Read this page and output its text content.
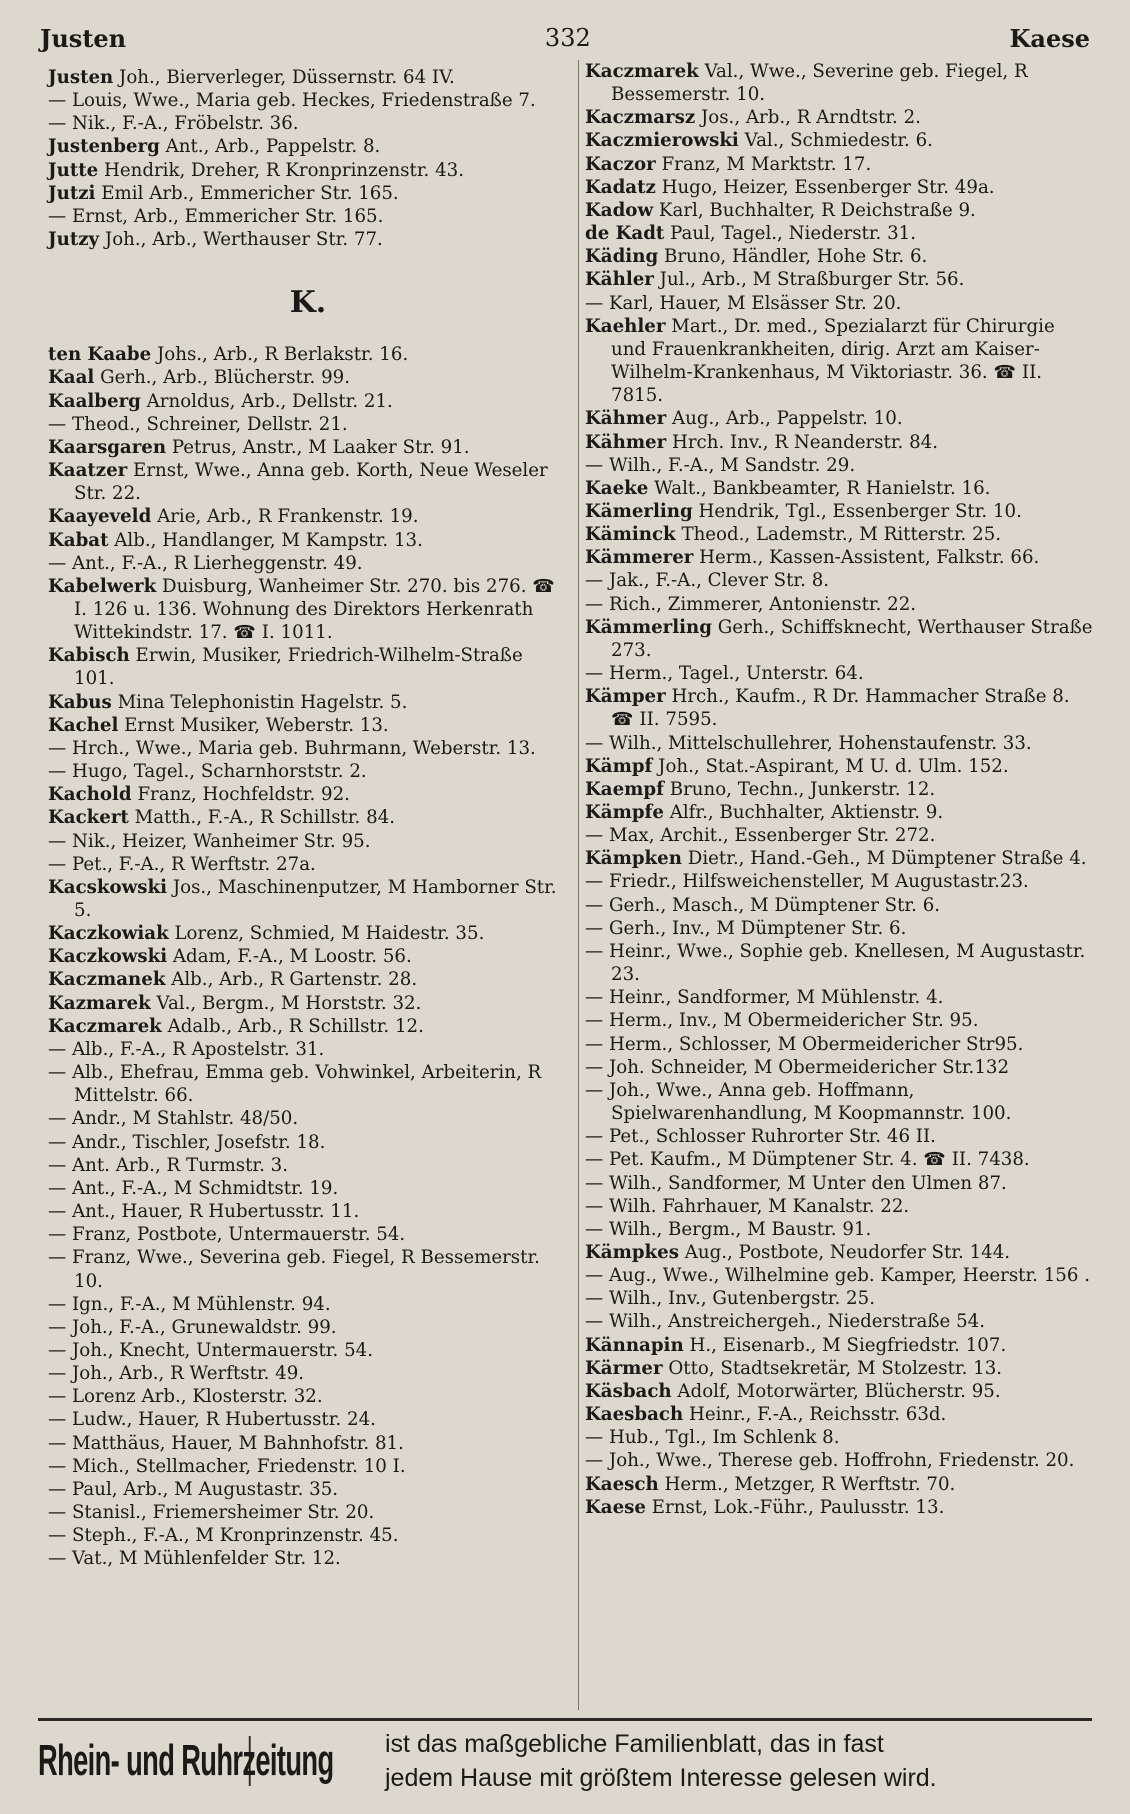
Justen	332	Kaese

Justen Joh., Bierverleger, Düssernstr. 64 IV.

— Louis, Wwe., Maria geb. Heckes, Friedenstraße 7.

— Nik., F.-A., Fröbelstr. 36.

Justenberg Ant., Arb., Pappelstr. 8.

Jutte Hendrik, Dreher, R Kronprinzenstr. 43.

Jutzi Emil Arb., Emmericher Str. 165.

— Ernst, Arb., Emmericher Str. 165.

Jutzy Joh., Arb., Werthauser Str. 77.

K.

ten Kaabe Johs., Arb., R Berlakstr. 16.

Kaal Gerh., Arb., Blücherstr. 99.

Kaalberg Arnoldus, Arb., Dellstr. 21.

— Theod., Schreiner, Dellstr. 21.

Kaarsgaren Petrus, Anstr., M Laaker Str. 91.

Kaatzer Ernst, Wwe., Anna geb. Korth, Neue Weseler Str. 22.

Kaayeveld Arie, Arb., R Frankenstr. 19.

Kabat Alb., Handlanger, M Kampstr. 13.

— Ant., F.-A., R Lierheggenstr. 49.

Kabelwerk Duisburg, Wanheimer Str. 270. bis 276. ☎ I. 126 u. 136. Wohnung des Direktors Herkenrath Wittekindstr. 17. ☎ I. 1011.

Kabisch Erwin, Musiker, Friedrich-Wilhelm-Straße 101.

Kabus Mina Telephonistin Hagelstr. 5.

Kachel Ernst Musiker, Weberstr. 13.

— Hrch., Wwe., Maria geb. Buhrmann, Weberstr. 13.

— Hugo, Tagel., Scharnhorststr. 2.

Kachold Franz, Hochfeldstr. 92.

Kackert Matth., F.-A., R Schillstr. 84.

— Nik., Heizer, Wanheimer Str. 95.

— Pet., F.-A., R Werftstr. 27a.

Kacskowski Jos., Maschinenputzer, M Hamborner Str. 5.

Kaczkowiak Lorenz, Schmied, M Haidestr. 35.

Kaczkowski Adam, F.-A., M Loostr. 56.

Kaczmanek Alb., Arb., R Gartenstr. 28.

Kazmarek Val., Bergm., M Horststr. 32.

Kaczmarek Adalb., Arb., R Schillstr. 12.

— Alb., F.-A., R Apostelstr. 31.

— Alb., Ehefrau, Emma geb. Vohwinkel, Arbeiterin, R Mittelstr. 66.

— Andr., M Stahlstr. 48/50.

— Andr., Tischler, Josefstr. 18.

— Ant. Arb., R Turmstr. 3.

— Ant., F.-A., M Schmidtstr. 19.

— Ant., Hauer, R Hubertusstr. 11.

— Franz, Postbote, Untermauerstr. 54.

— Franz, Wwe., Severina geb. Fiegel, R Bessemerstr. 10.

— Ign., F.-A., M Mühlenstr. 94.

— Joh., F.-A., Grunewaldstr. 99.

— Joh., Knecht, Untermauerstr. 54.

— Joh., Arb., R Werftstr. 49.

— Lorenz Arb., Klosterstr. 32.

— Ludw., Hauer, R Hubertusstr. 24.

— Matthäus, Hauer, M Bahnhofstr. 81.

— Mich., Stellmacher, Friedenstr. 10 I.

— Paul, Arb., M Augustastr. 35.

— Stanisl., Friemersheimer Str. 20.

— Steph., F.-A., M Kronprinzenstr. 45.

— Vat., M Mühlenfelder Str. 12.

Kaczmarek Val., Wwe., Severine geb. Fiegel, R Bessemerstr. 10.

Kaczmarsz Jos., Arb., R Arndtstr. 2.

Kaczmierowski Val., Schmiedestr. 6.

Kaczor Franz, M Marktstr. 17.

Kadatz Hugo, Heizer, Essenberger Str. 49a.

Kadow Karl, Buchhalter, R Deichstraße 9.

de Kadt Paul, Tagel., Niederstr. 31.

Käding Bruno, Händler, Hohe Str. 6.

Kähler Jul., Arb., M Straßburger Str. 56.

— Karl, Hauer, M Elsässer Str. 20.

Kaehler Mart., Dr. med., Spezialarzt für Chirurgie und Frauenkrankheiten, dirig. Arzt am Kaiser-Wilhelm-Krankenhaus, M Viktoriastr. 36. ☎ II. 7815.

Kähmer Aug., Arb., Pappelstr. 10.

Kähmer Hrch. Inv., R Neanderstr. 84.

— Wilh., F.-A., M Sandstr. 29.

Kaeke Walt., Bankbeamter, R Hanielstr. 16.

Kämerling Hendrik, Tgl., Essenberger Str. 10.

Käminck Theod., Lademstr., M Ritterstr. 25.

Kämmerer Herm., Kassen-Assistent, Falkstr. 66.

— Jak., F.-A., Clever Str. 8.

— Rich., Zimmerer, Antonienstr. 22.

Kämmerling Gerh., Schiffsknecht, Werthauser Straße 273.

— Herm., Tagel., Unterstr. 64.

Kämper Hrch., Kaufm., R Dr. Hammacher Straße 8. ☎ II. 7595.

— Wilh., Mittelschullehrer, Hohenstaufenstr. 33.

Kämpf Joh., Stat.-Aspirant, M U. d. Ulm. 152.

Kaempf Bruno, Techn., Junkerstr. 12.

Kämpfe Alfr., Buchhalter, Aktienstr. 9.

— Max, Archit., Essenberger Str. 272.

Kämpken Dietr., Hand.-Geh., M Dümptener Straße 4.

— Friedr., Hilfsweichensteller, M Augustastr.23.

— Gerh., Masch., M Dümptener Str. 6.

— Gerh., Inv., M Dümptener Str. 6.

— Heinr., Wwe., Sophie geb. Knellesen, M Augustastr. 23.

— Heinr., Sandformer, M Mühlenstr. 4.

— Herm., Inv., M Obermeidericher Str. 95.

— Herm., Schlosser, M Obermeidericher Str95.

— Joh. Schneider, M Obermeidericher Str.132

— Joh., Wwe., Anna geb. Hoffmann, Spielwarenhandlung, M Koopmannstr. 100.

— Pet., Schlosser Ruhrorter Str. 46 II.

— Pet. Kaufm., M Dümptener Str. 4. ☎ II. 7438.

— Wilh., Sandformer, M Unter den Ulmen 87.

— Wilh. Fahrhauer, M Kanalstr. 22.

— Wilh., Bergm., M Baustr. 91.

Kämpkes Aug., Postbote, Neudorfer Str. 144.

— Aug., Wwe., Wilhelmine geb. Kamper, Heerstr. 156 .

— Wilh., Inv., Gutenbergstr. 25.

— Wilh., Anstreichergeh., Niederstraße 54.

Kännapin H., Eisenarb., M Siegfriedstr. 107.

Kärmer Otto, Stadtsekretär, M Stolzestr. 13.

Käsbach Adolf, Motorwärter, Blücherstr. 95.

Kaesbach Heinr., F.-A., Reichsstr. 63d.

— Hub., Tgl., Im Schlenk 8.

— Joh., Wwe., Therese geb. Hoffrohn, Friedenstr. 20.

Kaesch Herm., Metzger, R Werftstr. 70.

Kaese Ernst, Lok.-Führ., Paulusstr. 13.

Rhein- und Ruhrzeitung ist das maßgebliche Familienblatt, das in fast
jedem Hause mit größtem Interesse gelesen wird.
